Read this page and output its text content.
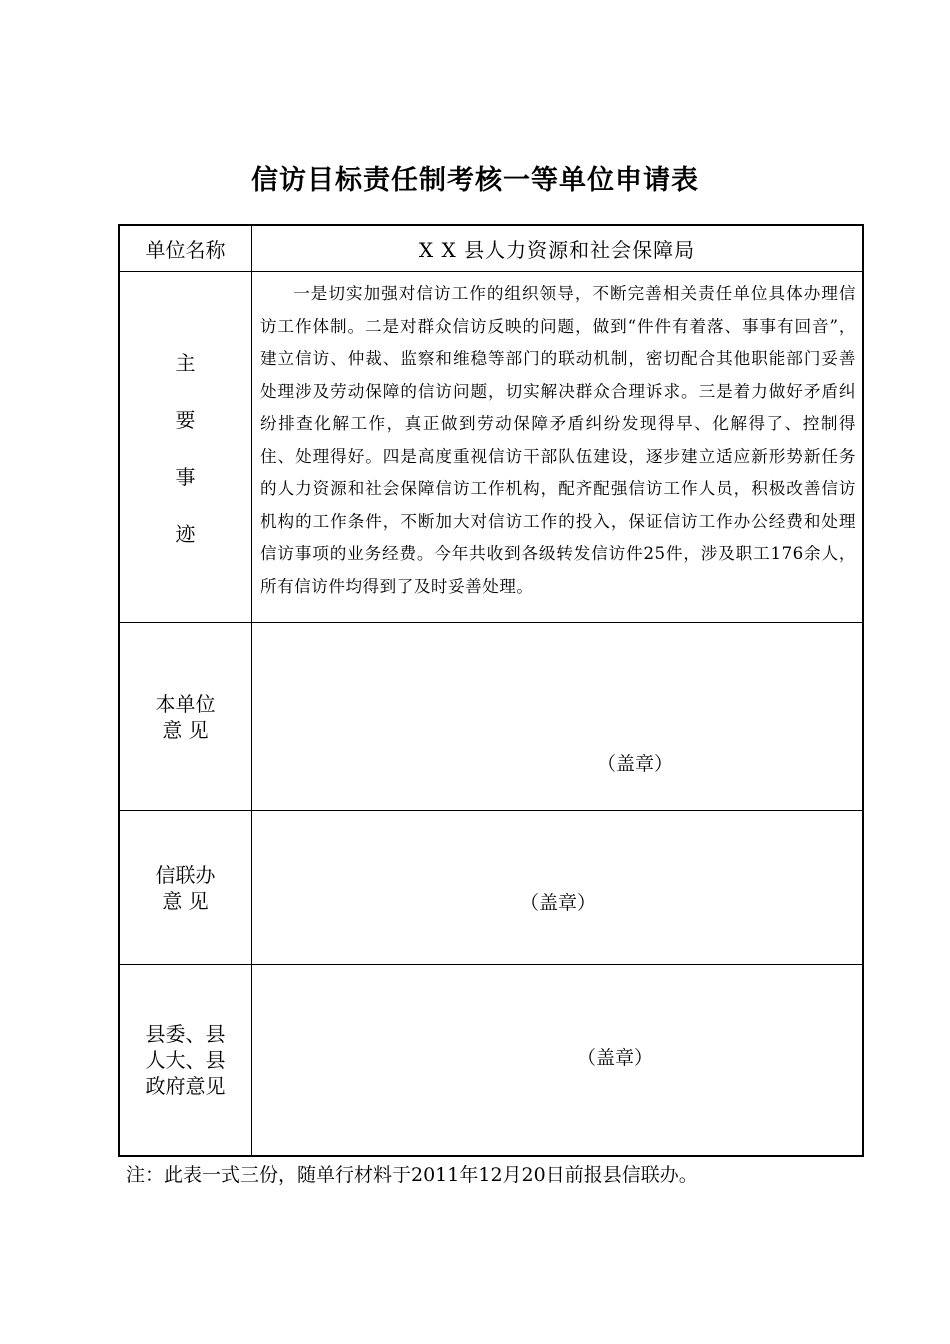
信访目标责任制考核一等单位申请表
单位名称	X X 县人力资源和社会保障局
主
要
事
迹
一是切实加强对信访工作的组织领导，不断完善相关责任单位具体办理信访工作体制。二是对群众信访反映的问题，做到“件件有着落、事事有回音”，建立信访、仲裁、监察和维稳等部门的联动机制，密切配合其他职能部门妥善处理涉及劳动保障的信访问题，切实解决群众合理诉求。三是着力做好矛盾纠纷排查化解工作，真正做到劳动保障矛盾纠纷发现得早、化解得了、控制得住、处理得好。四是高度重视信访干部队伍建设，逐步建立适应新形势新任务的人力资源和社会保障信访工作机构，配齐配强信访工作人员，积极改善信访机构的工作条件，不断加大对信访工作的投入，保证信访工作办公经费和处理信访事项的业务经费。今年共收到各级转发信访件25件，涉及职工176余人，所有信访件均得到了及时妥善处理。
本单位
意 见
（盖章）
信联办
意 见	（盖章）
县委、县
人大、县
政府意见
（盖章）
注：此表一式三份，随单行材料于2011年12月20日前报县信联办。
